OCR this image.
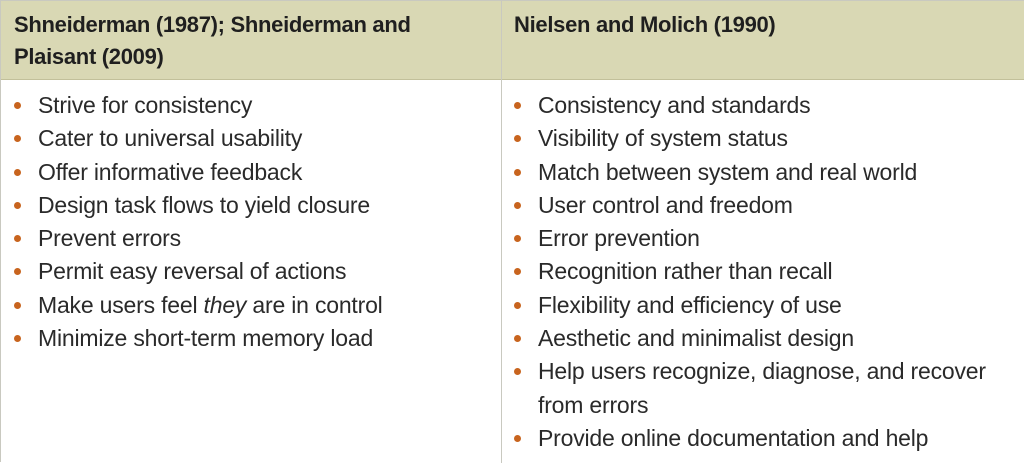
Shneiderman (1987); Shneiderman and Plaisant (2009)
Nielsen and Molich (1990)
Strive for consistency
Cater to universal usability
Offer informative feedback
Design task flows to yield closure
Prevent errors
Permit easy reversal of actions
Make users feel they are in control
Minimize short-term memory load
Consistency and standards
Visibility of system status
Match between system and real world
User control and freedom
Error prevention
Recognition rather than recall
Flexibility and efficiency of use
Aesthetic and minimalist design
Help users recognize, diagnose, and recover from errors
Provide online documentation and help
